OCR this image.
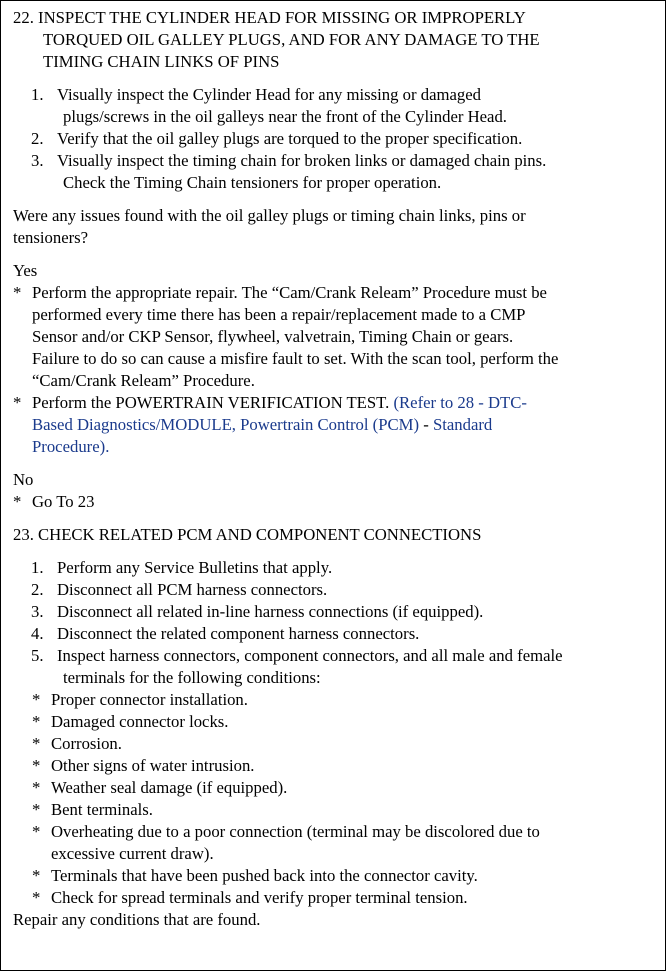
22. INSPECT THE CYLINDER HEAD FOR MISSING OR IMPROPERLY
TORQUED OIL GALLEY PLUGS, AND FOR ANY DAMAGE TO THE
TIMING CHAIN LINKS OF PINS
1. Visually inspect the Cylinder Head for any missing or damaged
plugs/screws in the oil galleys near the front of the Cylinder Head.
2. Verify that the oil galley plugs are torqued to the proper specification.
3. Visually inspect the timing chain for broken links or damaged chain pins.
Check the Timing Chain tensioners for proper operation.
Were any issues found with the oil galley plugs or timing chain links, pins or
tensioners?
Yes
* Perform the appropriate repair. The “Cam/Crank Releam” Procedure must be
performed every time there has been a repair/replacement made to a CMP
Sensor and/or CKP Sensor, flywheel, valvetrain, Timing Chain or gears.
Failure to do so can cause a misfire fault to set. With the scan tool, perform the
“Cam/Crank Releam” Procedure.
* Perform the POWERTRAIN VERIFICATION TEST. (Refer to 28 - DTC-
Based Diagnostics/MODULE, Powertrain Control (PCM) - Standard
Procedure).
No
* Go To 23
23. CHECK RELATED PCM AND COMPONENT CONNECTIONS
1. Perform any Service Bulletins that apply.
2. Disconnect all PCM harness connectors.
3. Disconnect all related in-line harness connections (if equipped).
4. Disconnect the related component harness connectors.
5. Inspect harness connectors, component connectors, and all male and female
terminals for the following conditions:
* Proper connector installation.
* Damaged connector locks.
* Corrosion.
* Other signs of water intrusion.
* Weather seal damage (if equipped).
* Bent terminals.
* Overheating due to a poor connection (terminal may be discolored due to
excessive current draw).
* Terminals that have been pushed back into the connector cavity.
* Check for spread terminals and verify proper terminal tension.
Repair any conditions that are found.
